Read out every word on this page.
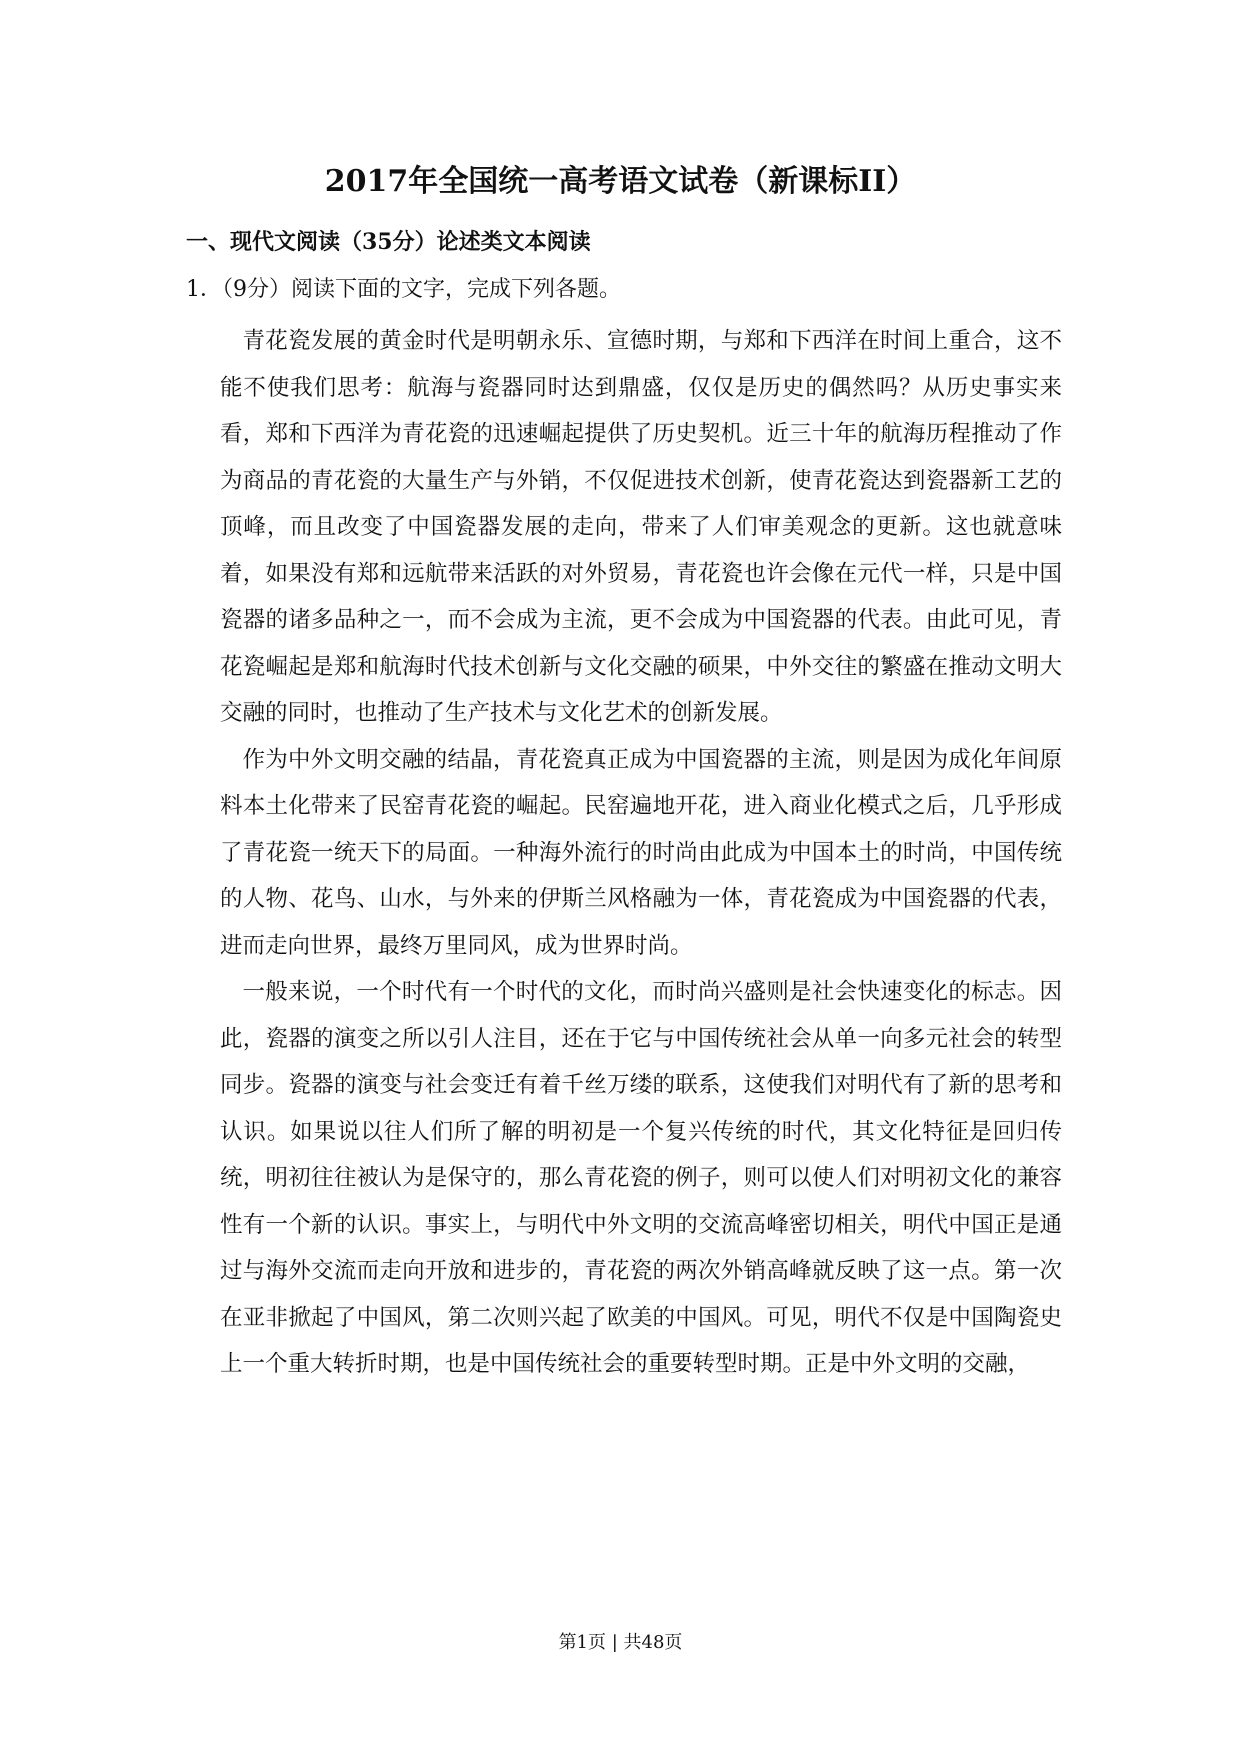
2017年全国统一高考语文试卷（新课标II）
一、现代文阅读（35分）论述类文本阅读

1．（9分）阅读下面的文字，完成下列各题。

青花瓷发展的黄金时代是明朝永乐、宣德时期，与郑和下西洋在时间上重合，这不能不使我们思考：航海与瓷器同时达到鼎盛，仅仅是历史的偶然吗？从历史事实来看，郑和下西洋为青花瓷的迅速崛起提供了历史契机。近三十年的航海历程推动了作为商品的青花瓷的大量生产与外销，不仅促进技术创新，使青花瓷达到瓷器新工艺的顶峰，而且改变了中国瓷器发展的走向，带来了人们审美观念的更新。这也就意味着，如果没有郑和远航带来活跃的对外贸易，青花瓷也许会像在元代一样，只是中国瓷器的诸多品种之一，而不会成为主流，更不会成为中国瓷器的代表。由此可见，青花瓷崛起是郑和航海时代技术创新与文化交融的硕果，中外交往的繁盛在推动文明大交融的同时，也推动了生产技术与文化艺术的创新发展。

作为中外文明交融的结晶，青花瓷真正成为中国瓷器的主流，则是因为成化年间原料本土化带来了民窑青花瓷的崛起。民窑遍地开花，进入商业化模式之后，几乎形成了青花瓷一统天下的局面。一种海外流行的时尚由此成为中国本土的时尚，中国传统的人物、花鸟、山水，与外来的伊斯兰风格融为一体，青花瓷成为中国瓷器的代表，进而走向世界，最终万里同风，成为世界时尚。

一般来说，一个时代有一个时代的文化，而时尚兴盛则是社会快速变化的标志。因此，瓷器的演变之所以引人注目，还在于它与中国传统社会从单一向多元社会的转型同步。瓷器的演变与社会变迁有着千丝万缕的联系，这使我们对明代有了新的思考和认识。如果说以往人们所了解的明初是一个复兴传统的时代，其文化特征是回归传统，明初往往被认为是保守的，那么青花瓷的例子，则可以使人们对明初文化的兼容性有一个新的认识。事实上，与明代中外文明的交流高峰密切相关，明代中国正是通过与海外交流而走向开放和进步的，青花瓷的两次外销高峰就反映了这一点。第一次在亚非掀起了中国风，第二次则兴起了欧美的中国风。可见，明代不仅是中国陶瓷史上一个重大转折时期，也是中国传统社会的重要转型时期。正是中外文明的交融，

第1页 | 共48页
